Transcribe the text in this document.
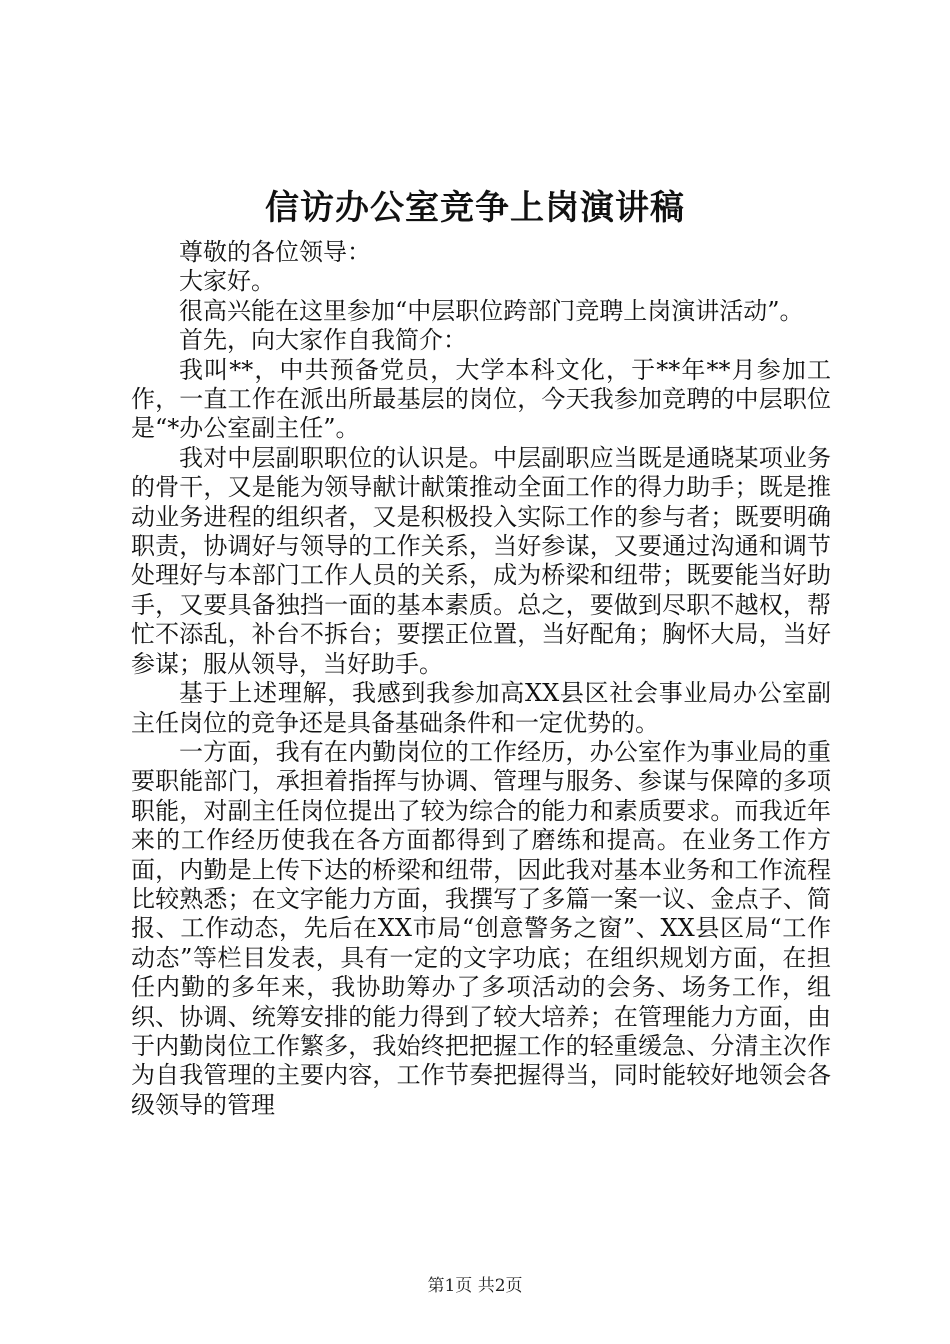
信访办公室竞争上岗演讲稿

尊敬的各位领导：

大家好。

很高兴能在这里参加“中层职位跨部门竞聘上岗演讲活动”。

首先，向大家作自我简介：

我叫**，中共预备党员，大学本科文化，于**年**月参加工作，一直工作在派出所最基层的岗位，今天我参加竞聘的中层职位是“*办公室副主任”。

我对中层副职职位的认识是。中层副职应当既是通晓某项业务的骨干，又是能为领导献计献策推动全面工作的得力助手；既是推动业务进程的组织者，又是积极投入实际工作的参与者；既要明确职责，协调好与领导的工作关系，当好参谋，又要通过沟通和调节处理好与本部门工作人员的关系，成为桥梁和纽带；既要能当好助手，又要具备独挡一面的基本素质。总之，要做到尽职不越权，帮忙不添乱，补台不拆台；要摆正位置，当好配角；胸怀大局，当好参谋；服从领导，当好助手。

基于上述理解，我感到我参加高XX县区社会事业局办公室副主任岗位的竞争还是具备基础条件和一定优势的。

一方面，我有在内勤岗位的工作经历，办公室作为事业局的重要职能部门，承担着指挥与协调、管理与服务、参谋与保障的多项职能，对副主任岗位提出了较为综合的能力和素质要求。而我近年来的工作经历使我在各方面都得到了磨练和提高。在业务工作方面，内勤是上传下达的桥梁和纽带，因此我对基本业务和工作流程比较熟悉；在文字能力方面，我撰写了多篇一案一议、金点子、简报、工作动态，先后在XX市局“创意警务之窗”、XX县区局“工作动态”等栏目发表，具有一定的文字功底；在组织规划方面，在担任内勤的多年来，我协助筹办了多项活动的会务、场务工作，组织、协调、统筹安排的能力得到了较大培养；在管理能力方面，由于内勤岗位工作繁多，我始终把把握工作的轻重缓急、分清主次作为自我管理的主要内容，工作节奏把握得当，同时能较好地领会各级领导的管理

第1页 共2页
